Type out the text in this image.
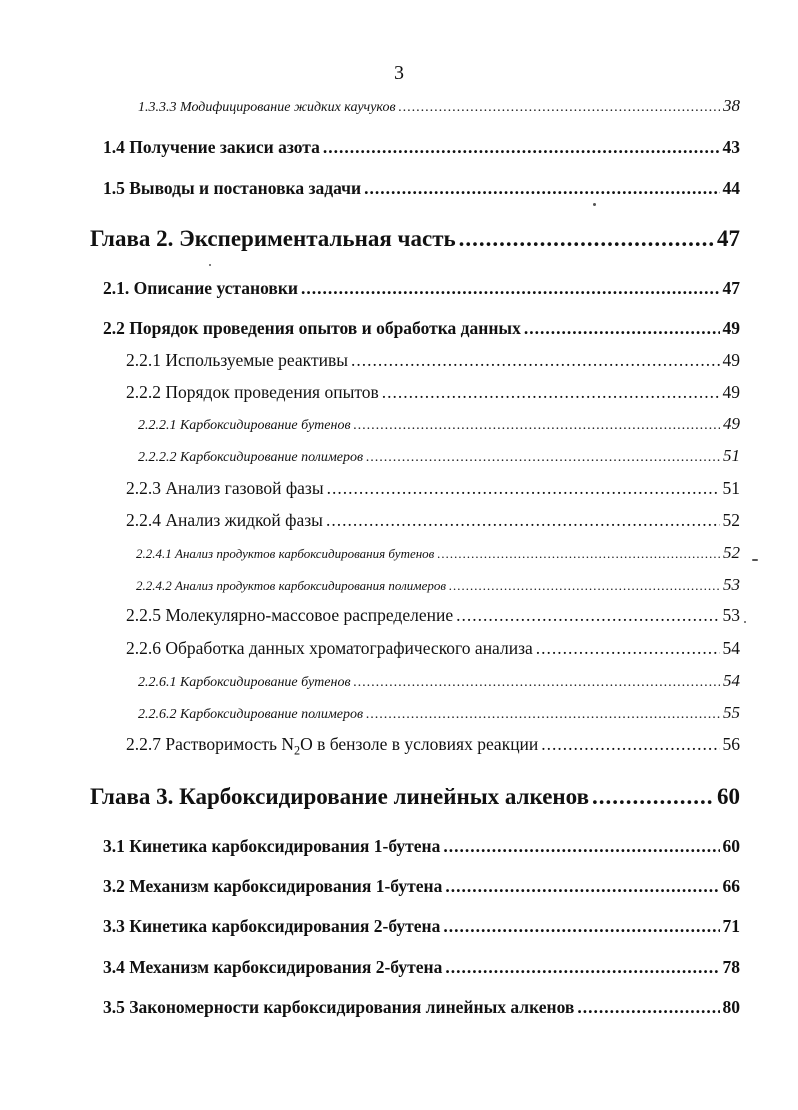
3
1.3.3.3 Модифицирование жидких каучуков .....	38
1.4 Получение закиси азота .....	43
1.5 Выводы и постановка задачи .....	44
Глава 2. Экспериментальная часть .....	47
2.1. Описание установки .....	47
2.2 Порядок проведения опытов и обработка данных .....	49
2.2.1 Используемые реактивы .....	49
2.2.2 Порядок проведения опытов .....	49
2.2.2.1 Карбоксидирование бутенов .....	49
2.2.2.2 Карбоксидирование полимеров .....	51
2.2.3 Анализ газовой фазы .....	51
2.2.4 Анализ жидкой фазы .....	52
2.2.4.1 Анализ продуктов карбоксидирования бутенов .....	52
2.2.4.2 Анализ продуктов карбоксидирования полимеров .....	53
2.2.5 Молекулярно-массовое распределение .....	53
2.2.6 Обработка данных хроматографического анализа .....	54
2.2.6.1 Карбоксидирование бутенов .....	54
2.2.6.2 Карбоксидирование полимеров .....	55
2.2.7 Растворимость $N_2O$ в бензоле в условиях реакции .....	56
Глава 3. Карбоксидирование линейных алкенов .....	60
3.1 Кинетика карбоксидирования 1-бутена .....	60
3.2 Механизм карбоксидирования 1-бутена .....	66
3.3 Кинетика карбоксидирования 2-бутена .....	71
3.4 Механизм карбоксидирования 2-бутена .....	78
3.5 Закономерности карбоксидирования линейных алкенов .....	80
